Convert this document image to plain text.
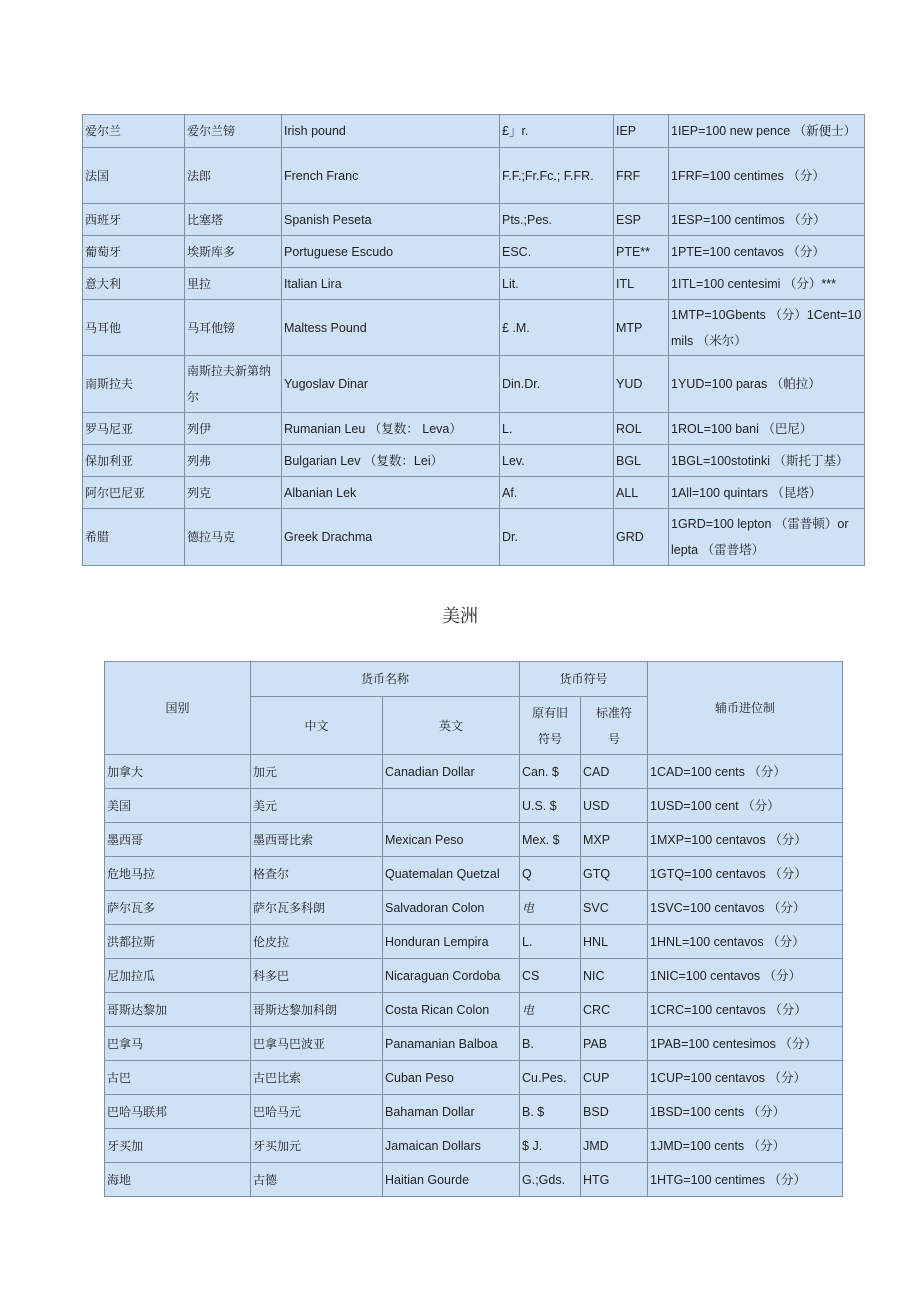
爱尔兰	爱尔兰镑	Irish pound	£」r.	IEP	1IEP=100 new pence （新便士）
法国	法郎	French Franc	F.F.;Fr.Fc.; F.FR.	FRF	1FRF=100 centimes （分）
西班牙	比塞塔	Spanish Peseta	Pts.;Pes.	ESP	1ESP=100 centimos （分）
葡萄牙	埃斯库多	Portuguese Escudo	ESC.	PTE**	1PTE=100 centavos （分）
意大利	里拉	Italian Lira	Lit.	ITL	1ITL=100 centesimi （分）***
马耳他	马耳他镑	Maltess Pound	£ .M.	MTP	1MTP=10Gbents （分）1Cent=10 mils （米尔）
南斯拉夫	南斯拉夫新第纳尔	Yugoslav Dinar	Din.Dr.	YUD	1YUD=100 paras （帕拉）
罗马尼亚	列伊	Rumanian Leu （复数： Leva）	L.	ROL	1ROL=100 bani （巴尼）
保加利亚	列弗	Bulgarian Lev （复数：Lei）	Lev.	BGL	1BGL=100stotinki （斯托丁基）
阿尔巴尼亚	列克	Albanian Lek	Af.	ALL	1All=100 quintars （昆塔）
希腊	德拉马克	Greek Drachma	Dr.	GRD	1GRD=100 lepton （雷普顿）or lepta （雷普塔）
美洲
国别	货币名称		货币符号		辅币进位制
	中文	英文	原有旧符号	标准符号	
加拿大	加元	Canadian Dollar	Can. $	CAD	1CAD=100 cents （分）
美国	美元		U.S. $	USD	1USD=100 cent （分）
墨西哥	墨西哥比索	Mexican Peso	Mex. $	MXP	1MXP=100 centavos （分）
危地马拉	格查尔	Quatemalan Quetzal	Q	GTQ	1GTQ=100 centavos （分）
萨尔瓦多	萨尔瓦多科朗	Salvadoran Colon	电	SVC	1SVC=100 centavos （分）
洪都拉斯	伦皮拉	Honduran Lempira	L.	HNL	1HNL=100 centavos （分）
尼加拉瓜	科多巴	Nicaraguan Cordoba	CS	NIC	1NIC=100 centavos （分）
哥斯达黎加	哥斯达黎加科朗	Costa Rican Colon	电	CRC	1CRC=100 centavos （分）
巴拿马	巴拿马巴波亚	Panamanian Balboa	B.	PAB	1PAB=100 centesimos （分）
古巴	古巴比索	Cuban Peso	Cu.Pes.	CUP	1CUP=100 centavos （分）
巴哈马联邦	巴哈马元	Bahaman Dollar	B. $	BSD	1BSD=100 cents （分）
牙买加	牙买加元	Jamaican Dollars	$ J.	JMD	1JMD=100 cents （分）
海地	古德	Haitian Gourde	G.;Gds.	HTG	1HTG=100 centimes （分）
